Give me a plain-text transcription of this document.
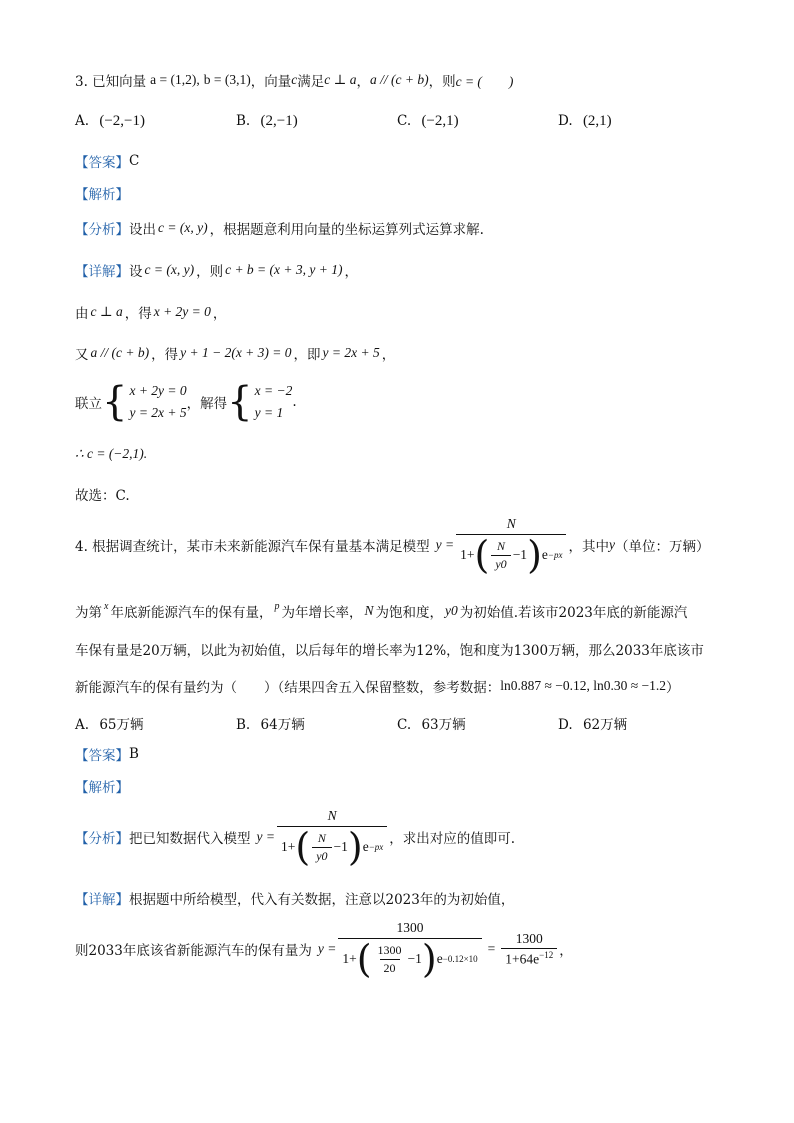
3. 已知向量 a = (1,2), b = (3,1) ，向量 c 满足 c ⊥ a ， a // (c + b) ，则 c = (　　)
A. (−2,−1)	B. (2,−1)	C. (−2,1)	D. (2,1)
【答案】 C
【解析】
【分析】 设出 c = (x, y) ，根据题意利用向量的坐标运算列式运算求解.
【详解】 设 c = (x, y) ，则 c + b = (x + 3, y + 1) ，
由 c ⊥ a ，得 x + 2y = 0 ，
又 a // (c + b) ，得 y + 1 − 2(x + 3) = 0 ，即 y = 2x + 5 ，
联立 { x + 2y = 0
y = 2x + 5
，解得 { x = −2
y = 1
.
∴ c = (−2,1).
故选：C.
4. 根据调查统计，某市未来新能源汽车保有量基本满足模型 y =
N
1+ ( $\frac{N}{y0} -1$ ) e −px ，其中 y （单位：万辆）
为第 x 年底新能源汽车的保有量， p 为年增长率， N 为饱和度， y0 为初始值.若该市2023年底的新能源汽
车保有量是20万辆，以此为初始值，以后每年的增长率为12%，饱和度为1300万辆，那么2033年底该市
新能源汽车的保有量约为（　　）（结果四舍五入保留整数，参考数据： ln0.887 ≈ −0.12, ln0.30 ≈ −1.2 ）
A. 65万辆	B. 64万辆	C. 63万辆	D. 62万辆
【答案】 B
【解析】
【分析】 把已知数据代入模型 y =
N
1+ ( $\frac{N}{y0} -1$ ) e −px ，求出对应的值即可.
【详解】 根据题中所给模型，代入有关数据，注意以2023年的为初始值，
则2033年底该省新能源汽车的保有量为 y =
1300
1+ ( $\frac{1300}{20} -1$ ) e −0.12×10
= $\frac{1300}{1+64e^{-12}}$ ，
